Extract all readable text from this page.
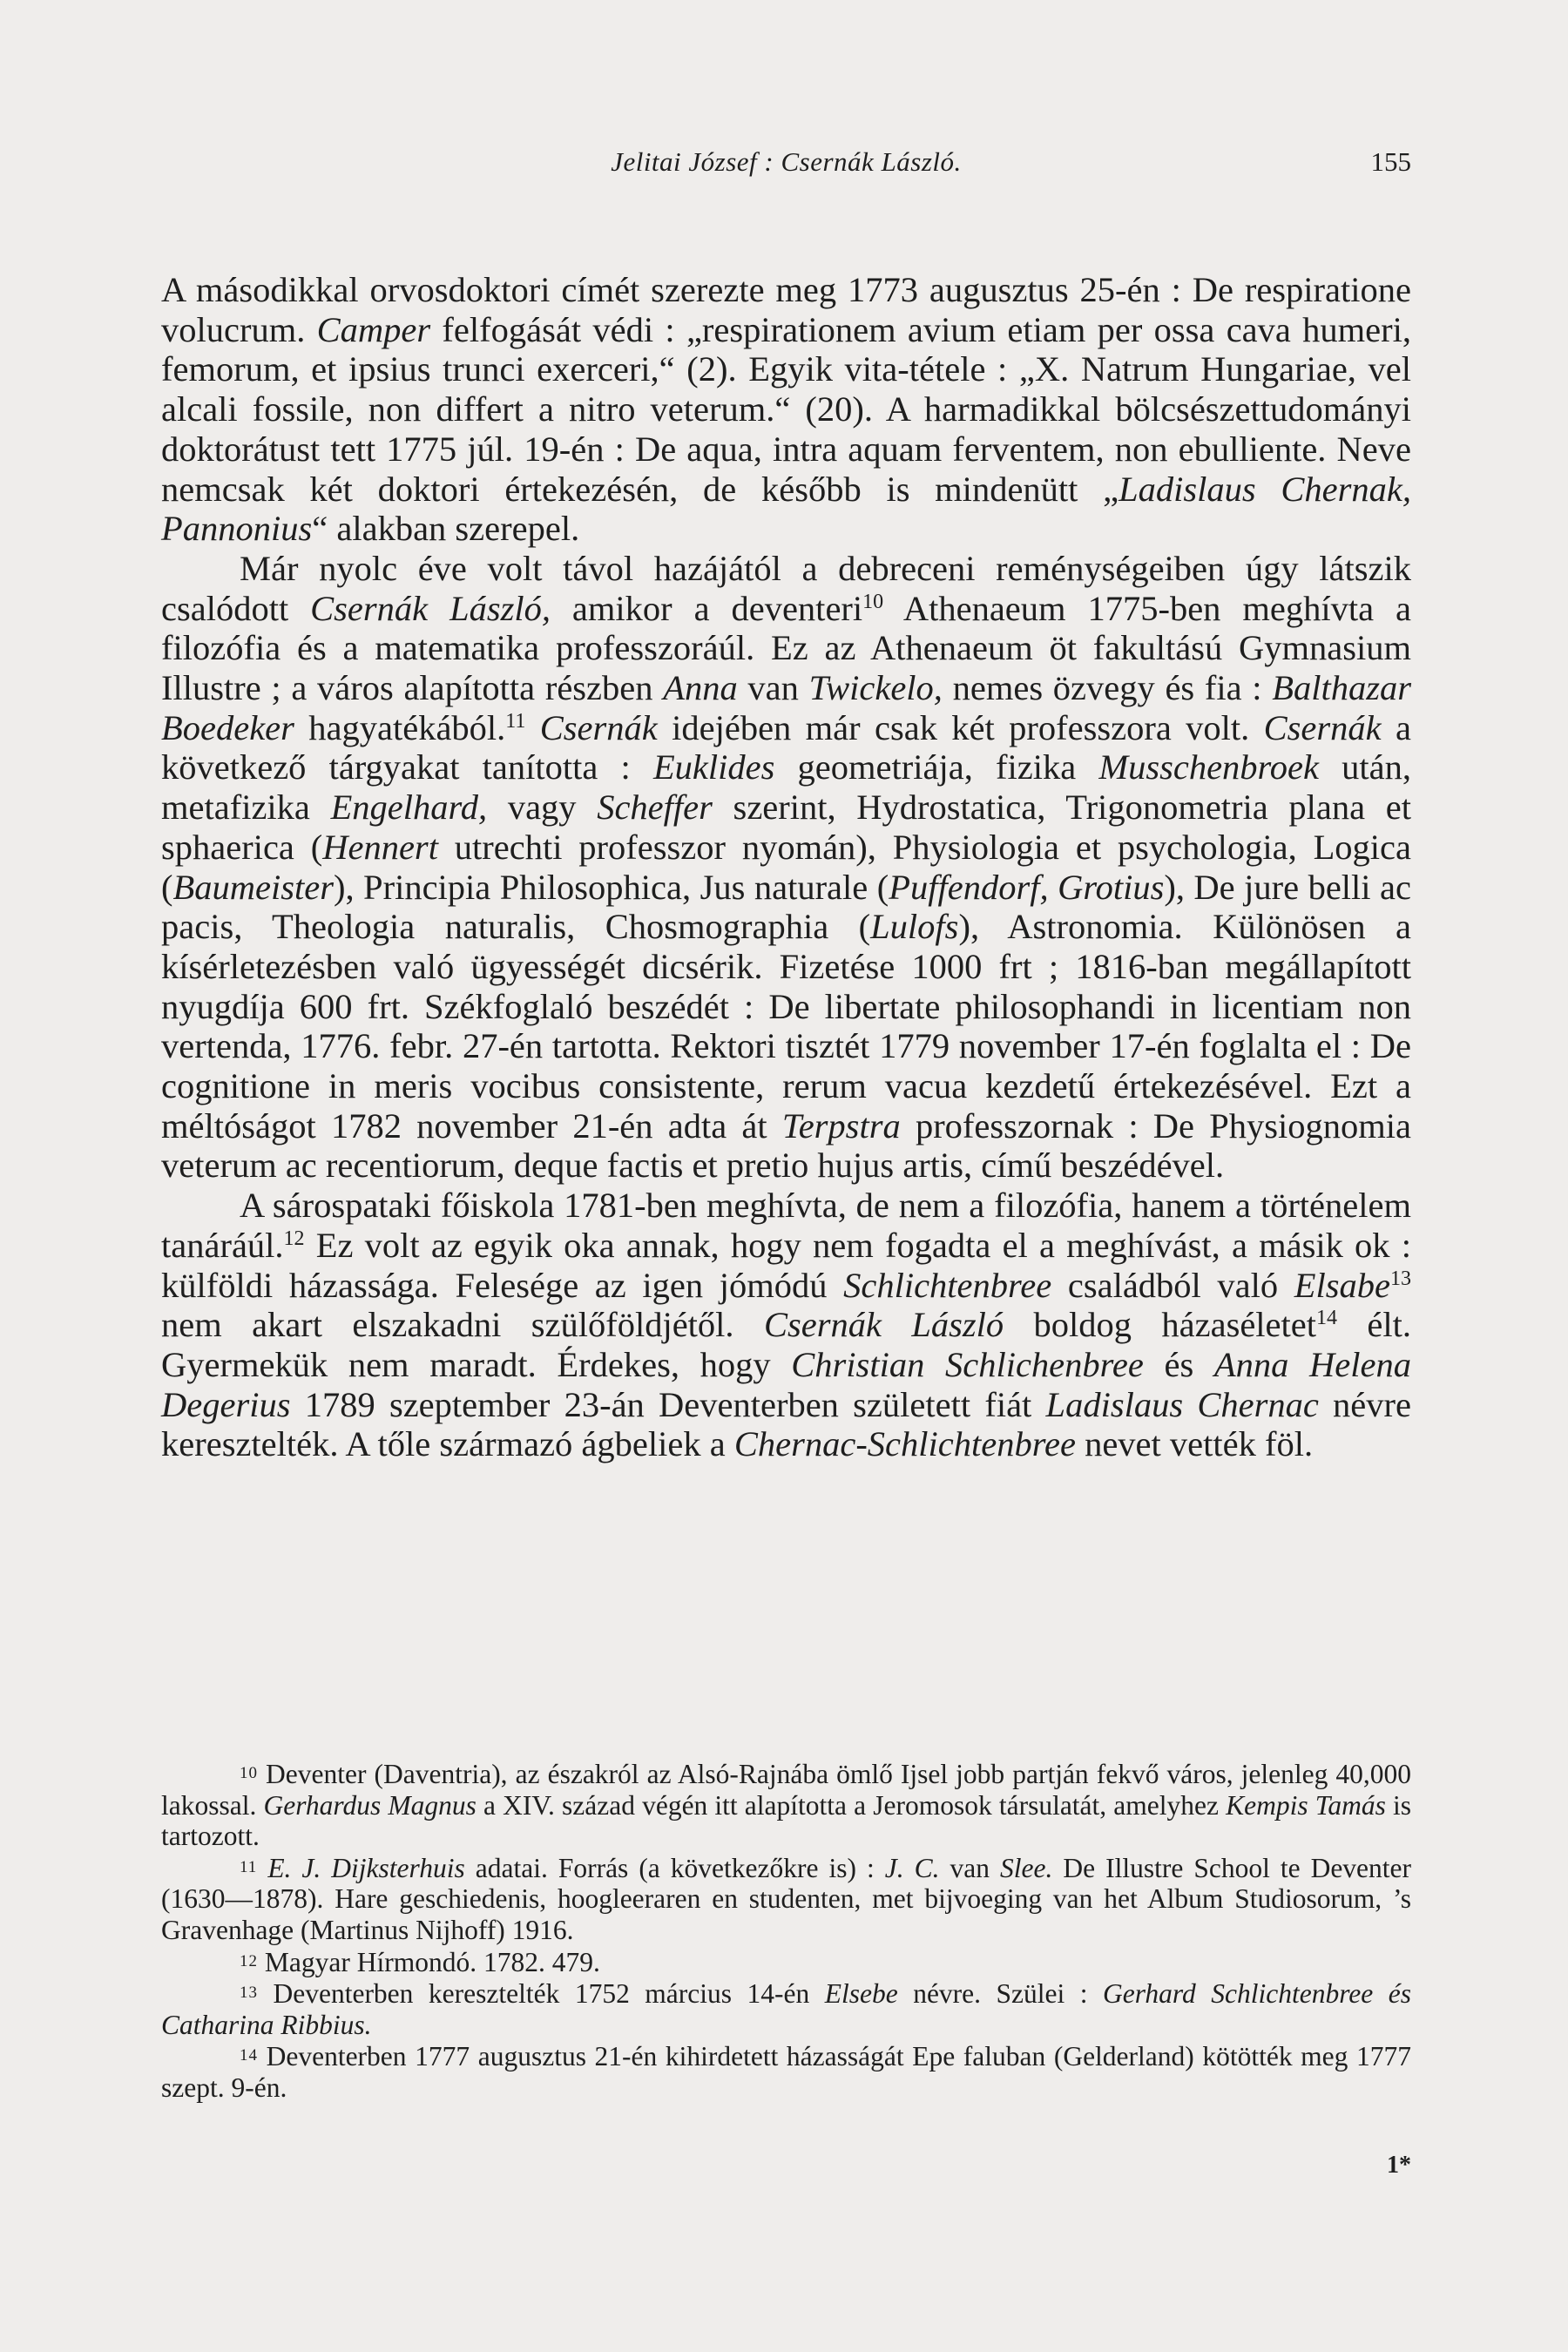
Jelitai József : Csernák László.	155

A másodikkal orvosdoktori címét szerezte meg 1773 augusztus 25-én : De respiratione volucrum. Camper felfogását védi : „respirationem avium etiam per ossa cava humeri, femorum, et ipsius trunci exerceri,“ (2). Egyik vita-tétele : „X. Natrum Hungariae, vel alcali fossile, non differt a nitro veterum.“ (20). A harmadikkal bölcsészettudományi doktorátust tett 1775 júl. 19-én : De aqua, intra aquam ferventem, non ebulliente. Neve nemcsak két doktori értekezésén, de később is mindenütt „Ladislaus Chernak, Pannonius“ alakban szerepel.

Már nyolc éve volt távol hazájától a debreceni reménységeiben úgy látszik csalódott Csernák László, amikor a deventeri$^{10}$ Athenaeum 1775-ben meghívta a filozófia és a matematika professzoráúl. Ez az Athenaeum öt fakultású Gymnasium Illustre ; a város alapította részben Anna van Twickelo, nemes özvegy és fia : Balthazar Boedeker hagyatékából.$^{11}$ Csernák idejében már csak két professzora volt. Csernák a következő tárgyakat tanította : Euklides geometriája, fizika Musschenbroek után, metafizika Engelhard, vagy Scheffer szerint, Hydrostatica, Trigonometria plana et sphaerica (Hennert utrechti professzor nyomán), Physiologia et psychologia, Logica (Baumeister), Principia Philosophica, Jus naturale (Puffendorf, Grotius), De jure belli ac pacis, Theologia naturalis, Chosmographia (Lulofs), Astronomia. Különösen a kísérletezésben való ügyességét dicsérik. Fizetése 1000 frt ; 1816-ban megállapított nyugdíja 600 frt. Székfoglaló beszédét : De libertate philosophandi in licentiam non vertenda, 1776. febr. 27-én tartotta. Rektori tisztét 1779 november 17-én foglalta el : De cognitione in meris vocibus consistente, rerum vacua kezdetű értekezésével. Ezt a méltóságot 1782 november 21-én adta át Terpstra professzornak : De Physiognomia veterum ac recentiorum, deque factis et pretio hujus artis, című beszédével.

A sárospataki főiskola 1781-ben meghívta, de nem a filozófia, hanem a történelem tanáráúl.$^{12}$ Ez volt az egyik oka annak, hogy nem fogadta el a meghívást, a másik ok : külföldi házassága. Felesége az igen jómódú Schlichtenbree családból való Elsabe$^{13}$ nem akart elszakadni szülőföldjétől. Csernák László boldog házaséletet$^{14}$ élt. Gyermekük nem maradt. Érdekes, hogy Christian Schlichenbree és Anna Helena Degerius 1789 szeptember 23-án Deventerben született fiát Ladislaus Chernac névre keresztelték. A tőle származó ágbeliek a Chernac-Schlichtenbree nevet vették föl.

10 Deventer (Daventria), az északról az Alsó-Rajnába ömlő Ijsel jobb partján fekvő város, jelenleg 40,000 lakossal. Gerhardus Magnus a XIV. század végén itt alapította a Jeromosok társulatát, amelyhez Kempis Tamás is tartozott.

11 E. J. Dijksterhuis adatai. Forrás (a következőkre is) : J. C. van Slee. De Illustre School te Deventer (1630—1878). Hare geschiedenis, hoogleeraren en studenten, met bijvoeging van het Album Studiosorum, ’s Gravenhage (Martinus Nijhoff) 1916.

12 Magyar Hírmondó. 1782. 479.

13 Deventerben keresztelték 1752 március 14-én Elsebe névre. Szülei : Gerhard Schlichtenbree és Catharina Ribbius.

14 Deventerben 1777 augusztus 21-én kihirdetett házasságát Epe faluban (Gelderland) kötötték meg 1777 szept. 9-én.

1*
